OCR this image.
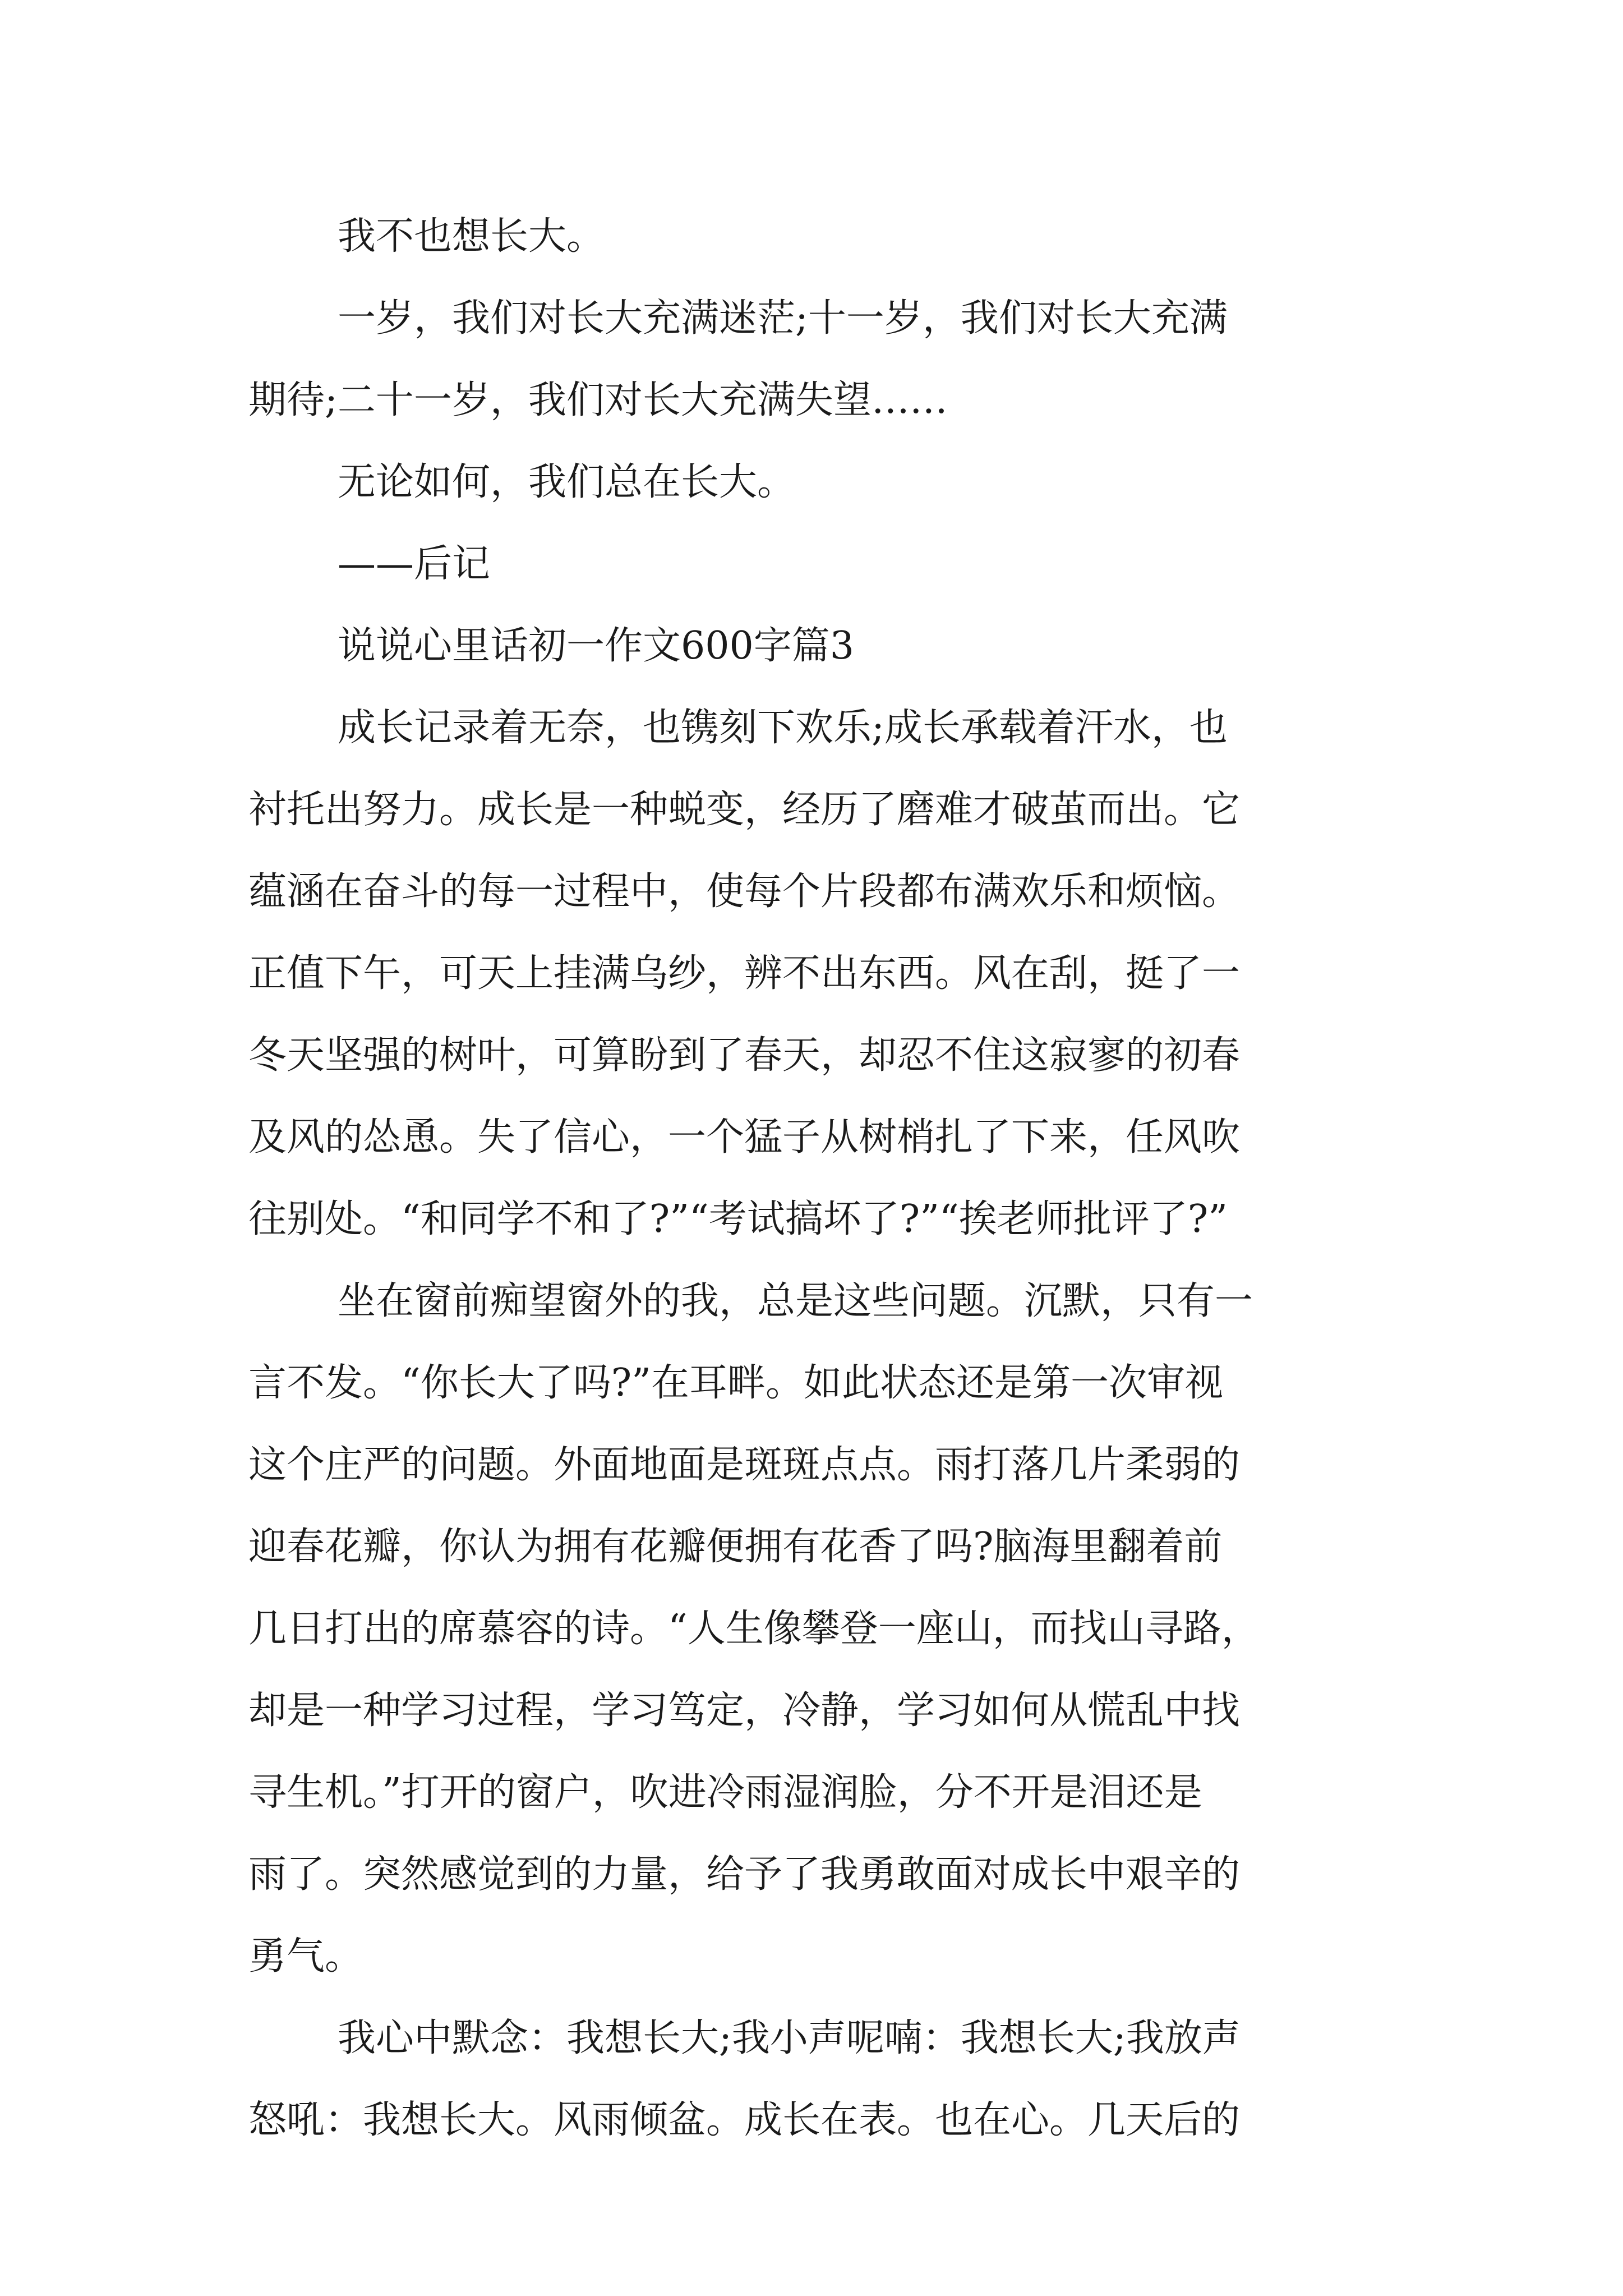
我不也想长大。

一岁，我们对长大充满迷茫;十一岁，我们对长大充满

期待;二十一岁，我们对长大充满失望……

无论如何，我们总在长大。

——后记

说说心里话初一作文600字篇3

成长记录着无奈，也镌刻下欢乐;成长承载着汗水，也

衬托出努力。成长是一种蜕变，经历了磨难才破茧而出。它

蕴涵在奋斗的每一过程中，使每个片段都布满欢乐和烦恼。

正值下午，可天上挂满乌纱，辨不出东西。风在刮，挺了一

冬天坚强的树叶，可算盼到了春天，却忍不住这寂寥的初春

及风的怂恿。失了信心，一个猛子从树梢扎了下来，任风吹

往别处。“和同学不和了?”“考试搞坏了?”“挨老师批评了?”

坐在窗前痴望窗外的我，总是这些问题。沉默，只有一

言不发。“你长大了吗?”在耳畔。如此状态还是第一次审视

这个庄严的问题。外面地面是斑斑点点。雨打落几片柔弱的

迎春花瓣，你认为拥有花瓣便拥有花香了吗?脑海里翻着前

几日打出的席慕容的诗。“人生像攀登一座山，而找山寻路，

却是一种学习过程，学习笃定，冷静，学习如何从慌乱中找

寻生机。”打开的窗户，吹进冷雨湿润脸，分不开是泪还是

雨了。突然感觉到的力量，给予了我勇敢面对成长中艰辛的

勇气。

我心中默念：我想长大;我小声呢喃：我想长大;我放声

怒吼：我想长大。风雨倾盆。成长在表。也在心。几天后的
